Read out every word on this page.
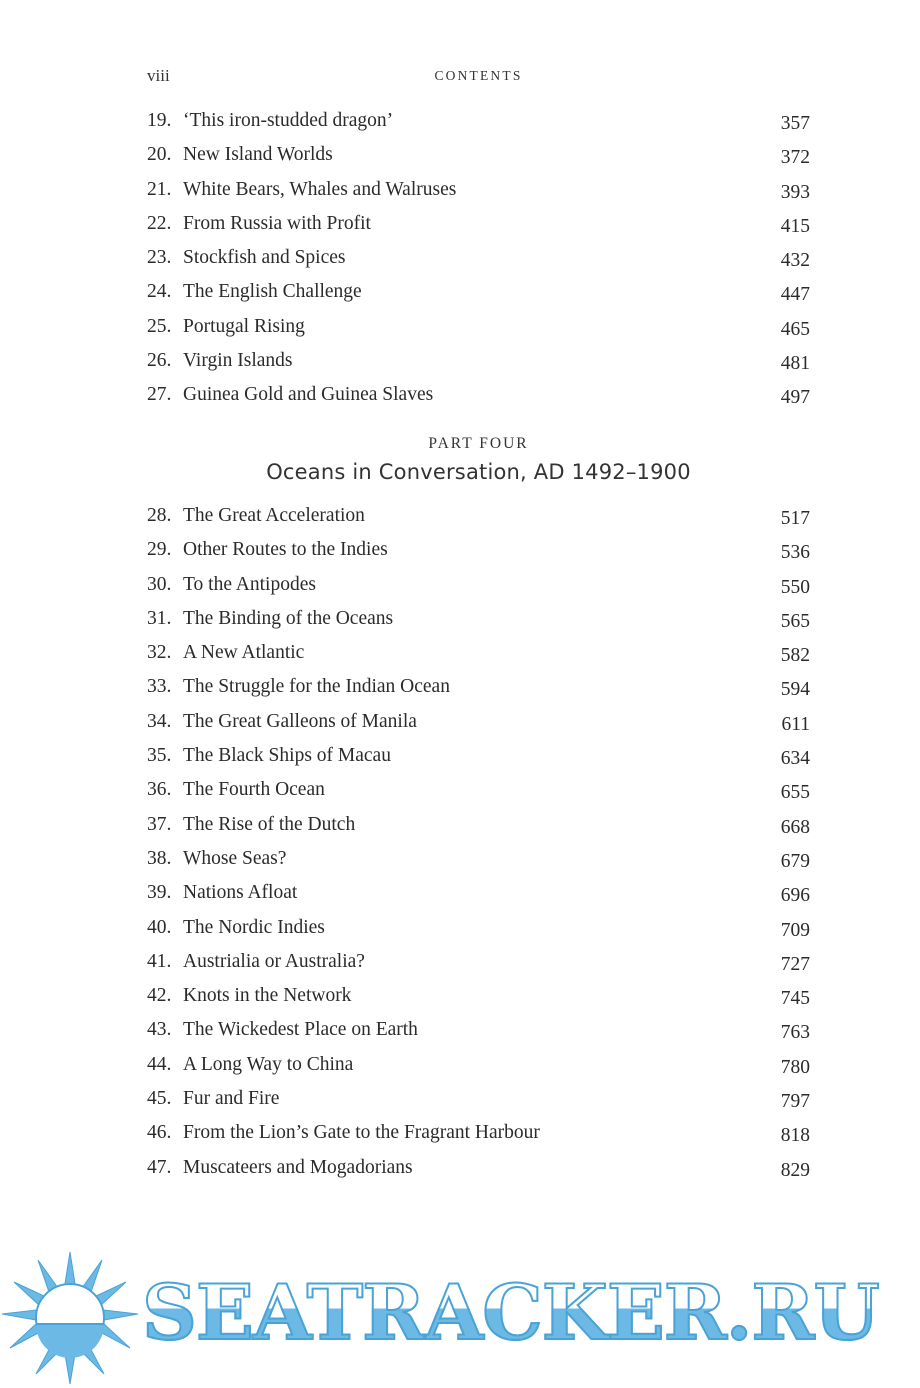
viii	CONTENTS
19. ‘This iron-studded dragon’	357
20. New Island Worlds	372
21. White Bears, Whales and Walruses	393
22. From Russia with Profit	415
23. Stockfish and Spices	432
24. The English Challenge	447
25. Portugal Rising	465
26. Virgin Islands	481
27. Guinea Gold and Guinea Slaves	497
PART FOUR
Oceans in Conversation, AD 1492–1900
28. The Great Acceleration	517
29. Other Routes to the Indies	536
30. To the Antipodes	550
31. The Binding of the Oceans	565
32. A New Atlantic	582
33. The Struggle for the Indian Ocean	594
34. The Great Galleons of Manila	611
35. The Black Ships of Macau	634
36. The Fourth Ocean	655
37. The Rise of the Dutch	668
38. Whose Seas?	679
39. Nations Afloat	696
40. The Nordic Indies	709
41. Austrialia or Australia?	727
42. Knots in the Network	745
43. The Wickedest Place on Earth	763
44. A Long Way to China	780
45. Fur and Fire	797
46. From the Lion’s Gate to the Fragrant Harbour	818
47. Muscateers and Mogadorians	829
SEATRACKER.RU
